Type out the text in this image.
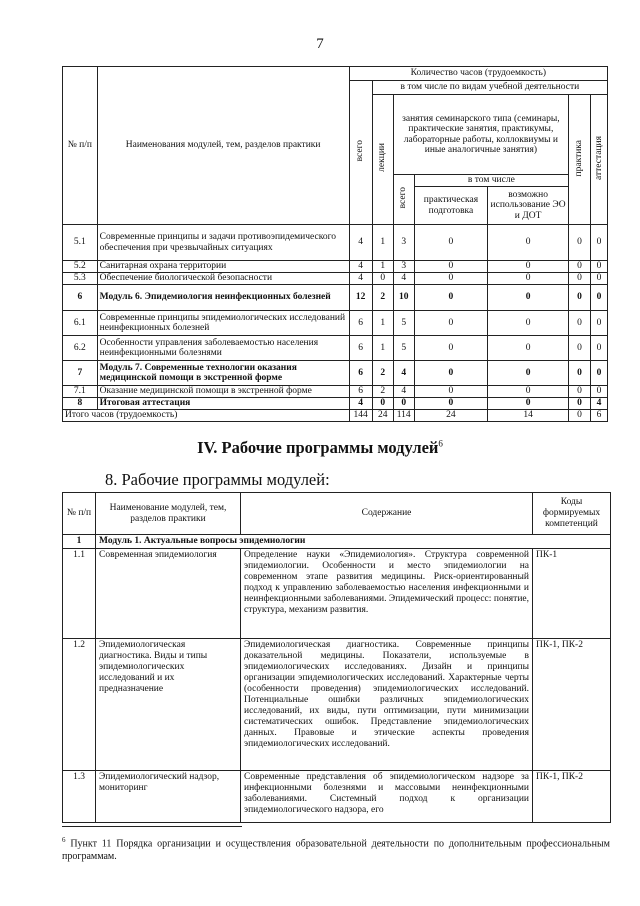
7
№ п/п	Наименования модулей, тем, разделов практики	Количество часов (трудоемкость)						
		всего	в том числе по видам учебной деятельности					
			лекции	занятия семинарского типа (семинары, практические занятия, практикумы, лабораторные работы, коллоквиумы и иные аналогичные занятия)			практика	аттестация
				всего	в том числе			
					практическая подготовка	возможно использование ЭО и ДОТ		
5.1	Современные принципы и задачи противоэпидемического обеспечения при чрезвычайных ситуациях	4	1	3	0	0	0	0
5.2	Санитарная охрана территории	4	1	3	0	0	0	0
5.3	Обеспечение биологической безопасности	4	0	4	0	0	0	0
6	Модуль 6. Эпидемиология неинфекционных болезней	12	2	10	0	0	0	0
6.1	Современные принципы эпидемиологических исследований неинфекционных болезней	6	1	5	0	0	0	0
6.2	Особенности управления заболеваемостью населения неинфекционными болезнями	6	1	5	0	0	0	0
7	Модуль 7. Современные технологии оказания медицинской помощи в экстренной форме	6	2	4	0	0	0	0
7.1	Оказание медицинской помощи в экстренной форме	6	2	4	0	0	0	0
8	Итоговая аттестация	4	0	0	0	0	0	4
Итого часов (трудоемкость)		144	24	114	24	14	0	6
IV. Рабочие программы модулей$^6$
8. Рабочие программы модулей:
№ п/п	Наименование модулей, тем, разделов практики	Содержание	Коды формируемых компетенций
1	Модуль 1. Актуальные вопросы эпидемиологии		
1.1	Современная эпидемиология	Определение науки «Эпидемиология». Структура современной эпидемиологии. Особенности и место эпидемиологии на современном этапе развития медицины. Риск-ориентированный подход к управлению заболеваемостью населения инфекционными и неинфекционными заболеваниями. Эпидемический процесс: понятие, структура, механизм развития.	ПК-1
1.2	Эпидемиологическая диагностика. Виды и типы эпидемиологических исследований и их предназначение	Эпидемиологическая диагностика. Современные принципы доказательной медицины. Показатели, используемые в эпидемиологических исследованиях. Дизайн и принципы организации эпидемиологических исследований. Характерные черты (особенности проведения) эпидемиологических исследований. Потенциальные ошибки различных эпидемиологических исследований, их виды, пути оптимизации, пути минимизации систематических ошибок. Представление эпидемиологических данных. Правовые и этические аспекты проведения эпидемиологических исследований.	ПК-1, ПК-2
1.3	Эпидемиологический надзор, мониторинг	Современные представления об эпидемиологическом надзоре за инфекционными болезнями и массовыми неинфекционными заболеваниями. Системный подход к организации эпидемиологического надзора, его	ПК-1, ПК-2
$^6$ Пункт 11 Порядка организации и осуществления образовательной деятельности по дополнительным профессиональным программам.
